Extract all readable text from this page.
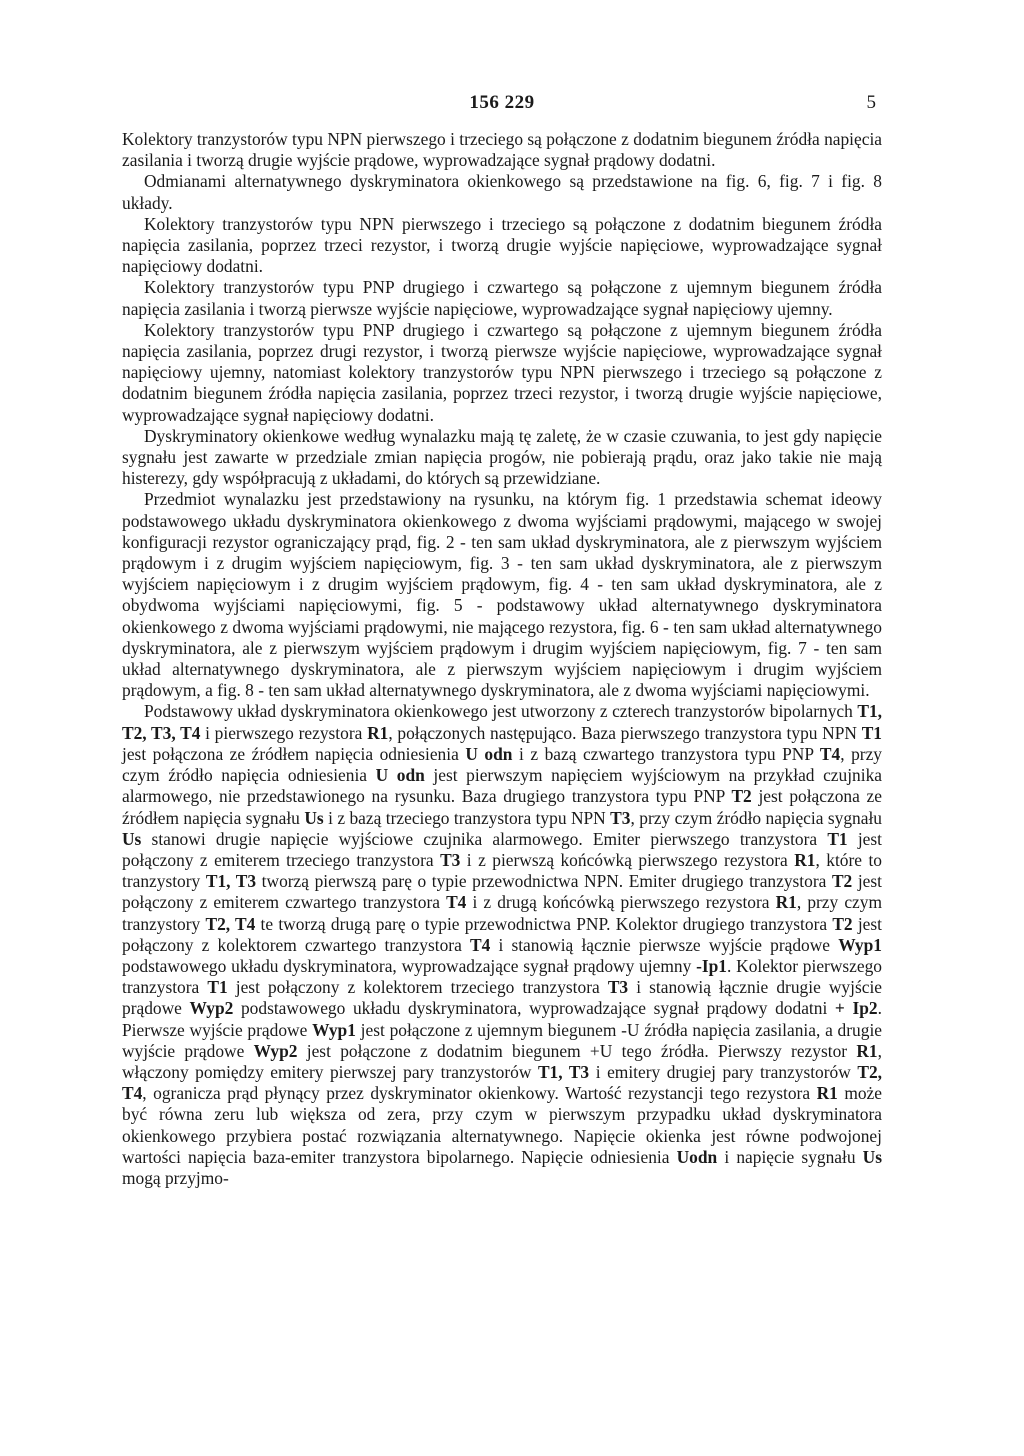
156 229	5

Kolektory tranzystorów typu NPN pierwszego i trzeciego są połączone z dodatnim biegunem źródła napięcia zasilania i tworzą drugie wyjście prądowe, wyprowadzające sygnał prądowy dodatni.

Odmianami alternatywnego dyskryminatora okienkowego są przedstawione na fig. 6, fig. 7 i fig. 8 układy.

Kolektory tranzystorów typu NPN pierwszego i trzeciego są połączone z dodatnim biegunem źródła napięcia zasilania, poprzez trzeci rezystor, i tworzą drugie wyjście napięciowe, wyprowadzające sygnał napięciowy dodatni.

Kolektory tranzystorów typu PNP drugiego i czwartego są połączone z ujemnym biegunem źródła napięcia zasilania i tworzą pierwsze wyjście napięciowe, wyprowadzające sygnał napięciowy ujemny.

Kolektory tranzystorów typu PNP drugiego i czwartego są połączone z ujemnym biegunem źródła napięcia zasilania, poprzez drugi rezystor, i tworzą pierwsze wyjście napięciowe, wyprowadzające sygnał napięciowy ujemny, natomiast kolektory tranzystorów typu NPN pierwszego i trzeciego są połączone z dodatnim biegunem źródła napięcia zasilania, poprzez trzeci rezystor, i tworzą drugie wyjście napięciowe, wyprowadzające sygnał napięciowy dodatni.

Dyskryminatory okienkowe według wynalazku mają tę zaletę, że w czasie czuwania, to jest gdy napięcie sygnału jest zawarte w przedziale zmian napięcia progów, nie pobierają prądu, oraz jako takie nie mają histerezy, gdy współpracują z układami, do których są przewidziane.

Przedmiot wynalazku jest przedstawiony na rysunku, na którym fig. 1 przedstawia schemat ideowy podstawowego układu dyskryminatora okienkowego z dwoma wyjściami prądowymi, mającego w swojej konfiguracji rezystor ograniczający prąd, fig. 2 - ten sam układ dyskryminatora, ale z pierwszym wyjściem prądowym i z drugim wyjściem napięciowym, fig. 3 - ten sam układ dyskryminatora, ale z pierwszym wyjściem napięciowym i z drugim wyjściem prądowym, fig. 4 - ten sam układ dyskryminatora, ale z obydwoma wyjściami napięciowymi, fig. 5 - podstawowy układ alternatywnego dyskryminatora okienkowego z dwoma wyjściami prądowymi, nie mającego rezystora, fig. 6 - ten sam układ alternatywnego dyskryminatora, ale z pierwszym wyjściem prądowym i drugim wyjściem napięciowym, fig. 7 - ten sam układ alternatywnego dyskryminatora, ale z pierwszym wyjściem napięciowym i drugim wyjściem prądowym, a fig. 8 - ten sam układ alternatywnego dyskryminatora, ale z dwoma wyjściami napięciowymi.

Podstawowy układ dyskryminatora okienkowego jest utworzony z czterech tranzystorów bipolarnych T1, T2, T3, T4 i pierwszego rezystora R1, połączonych następująco. Baza pierwszego tranzystora typu NPN T1 jest połączona ze źródłem napięcia odniesienia U odn i z bazą czwartego tranzystora typu PNP T4, przy czym źródło napięcia odniesienia U odn jest pierwszym napięciem wyjściowym na przykład czujnika alarmowego, nie przedstawionego na rysunku. Baza drugiego tranzystora typu PNP T2 jest połączona ze źródłem napięcia sygnału Us i z bazą trzeciego tranzystora typu NPN T3, przy czym źródło napięcia sygnału Us stanowi drugie napięcie wyjściowe czujnika alarmowego. Emiter pierwszego tranzystora T1 jest połączony z emiterem trzeciego tranzystora T3 i z pierwszą końcówką pierwszego rezystora R1, które to tranzystory T1, T3 tworzą pierwszą parę o typie przewodnictwa NPN. Emiter drugiego tranzystora T2 jest połączony z emiterem czwartego tranzystora T4 i z drugą końcówką pierwszego rezystora R1, przy czym tranzystory T2, T4 te tworzą drugą parę o typie przewodnictwa PNP. Kolektor drugiego tranzystora T2 jest połączony z kolektorem czwartego tranzystora T4 i stanowią łącznie pierwsze wyjście prądowe Wyp1 podstawowego układu dyskryminatora, wyprowadzające sygnał prądowy ujemny -Ip1. Kolektor pierwszego tranzystora T1 jest połączony z kolektorem trzeciego tranzystora T3 i stanowią łącznie drugie wyjście prądowe Wyp2 podstawowego układu dyskryminatora, wyprowadzające sygnał prądowy dodatni + Ip2. Pierwsze wyjście prądowe Wyp1 jest połączone z ujemnym biegunem -U źródła napięcia zasilania, a drugie wyjście prądowe Wyp2 jest połączone z dodatnim biegunem +U tego źródła. Pierwszy rezystor R1, włączony pomiędzy emitery pierwszej pary tranzystorów T1, T3 i emitery drugiej pary tranzystorów T2, T4, ogranicza prąd płynący przez dyskryminator okienkowy. Wartość rezystancji tego rezystora R1 może być równa zeru lub większa od zera, przy czym w pierwszym przypadku układ dyskryminatora okienkowego przybiera postać rozwiązania alternatywnego. Napięcie okienka jest równe podwojonej wartości napięcia baza-emiter tranzystora bipolarnego. Napięcie odniesienia Uodn i napięcie sygnału Us mogą przyjmo-
